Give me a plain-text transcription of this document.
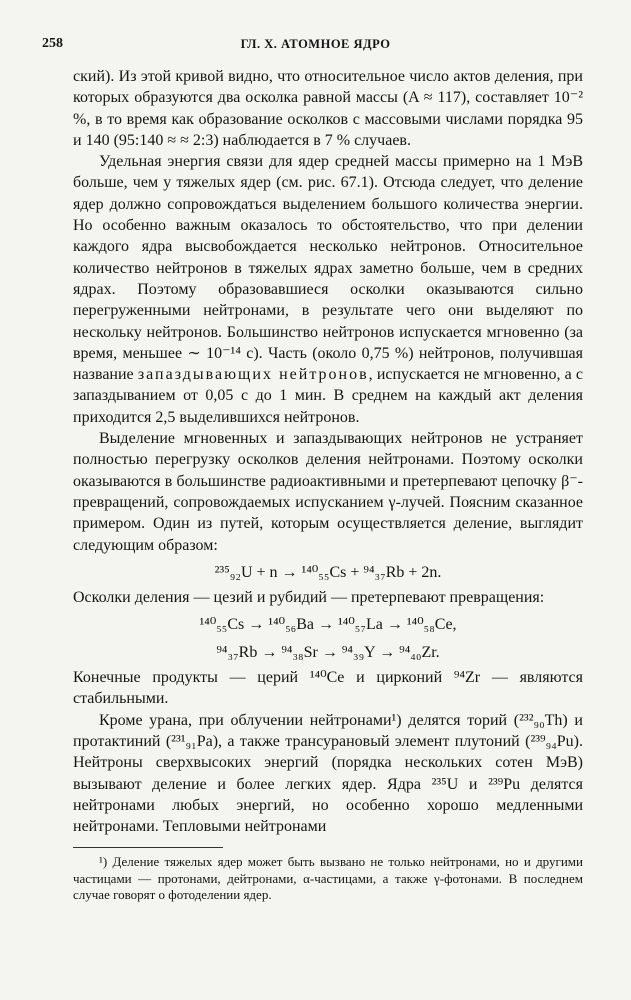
258	ГЛ. X. АТОМНОЕ ЯДРО

ский). Из этой кривой видно, что относительное число актов деления, при которых образуются два осколка равной массы (A ≈ 117), составляет 10⁻² %, в то время как образование осколков с массовыми числами порядка 95 и 140 (95:140 ≈ ≈ 2:3) наблюдается в 7 % случаев.

Удельная энергия связи для ядер средней массы примерно на 1 МэВ больше, чем у тяжелых ядер (см. рис. 67.1). Отсюда следует, что деление ядер должно сопровождаться выделением большого количества энергии. Но особенно важным оказалось то обстоятельство, что при делении каждого ядра высвобождается несколько нейтронов. Относительное количество нейтронов в тяжелых ядрах заметно больше, чем в средних ядрах. Поэтому образовавшиеся осколки оказываются сильно перегруженными нейтронами, в результате чего они выделяют по нескольку нейтронов. Большинство нейтронов испускается мгновенно (за время, меньшее ∼ 10⁻¹⁴ с). Часть (около 0,75 %) нейтронов, получившая название запаздывающих нейтронов, испускается не мгновенно, а с запаздыванием от 0,05 с до 1 мин. В среднем на каждый акт деления приходится 2,5 выделившихся нейтронов.

Выделение мгновенных и запаздывающих нейтронов не устраняет полностью перегрузку осколков деления нейтронами. Поэтому осколки оказываются в большинстве радиоактивными и претерпевают цепочку β⁻-превращений, сопровождаемых испусканием γ-лучей. Поясним сказанное примером. Один из путей, которым осуществляется деление, выглядит следующим образом:

²³⁵₉₂U + n → ¹⁴⁰₅₅Cs + ⁹⁴₃₇Rb + 2n.

Осколки деления — цезий и рубидий — претерпевают превращения:

¹⁴⁰₅₅Cs → ¹⁴⁰₅₆Ba → ¹⁴⁰₅₇La → ¹⁴⁰₅₈Ce,

⁹⁴₃₇Rb → ⁹⁴₃₈Sr → ⁹⁴₃₉Y → ⁹⁴₄₀Zr.

Конечные продукты — церий ¹⁴⁰Ce и цирконий ⁹⁴Zr — являются стабильными.

Кроме урана, при облучении нейтронами¹) делятся торий (²³²₉₀Th) и протактиний (²³¹₉₁Pa), а также трансурановый элемент плутоний (²³⁹₉₄Pu). Нейтроны сверхвысоких энергий (порядка нескольких сотен МэВ) вызывают деление и более легких ядер. Ядра ²³⁵U и ²³⁹Pu делятся нейтронами любых энергий, но особенно хорошо медленными нейтронами. Тепловыми нейтронами

¹) Деление тяжелых ядер может быть вызвано не только нейтронами, но и другими частицами — протонами, дейтронами, α-частицами, а также γ-фотонами. В последнем случае говорят о фотоделении ядер.
